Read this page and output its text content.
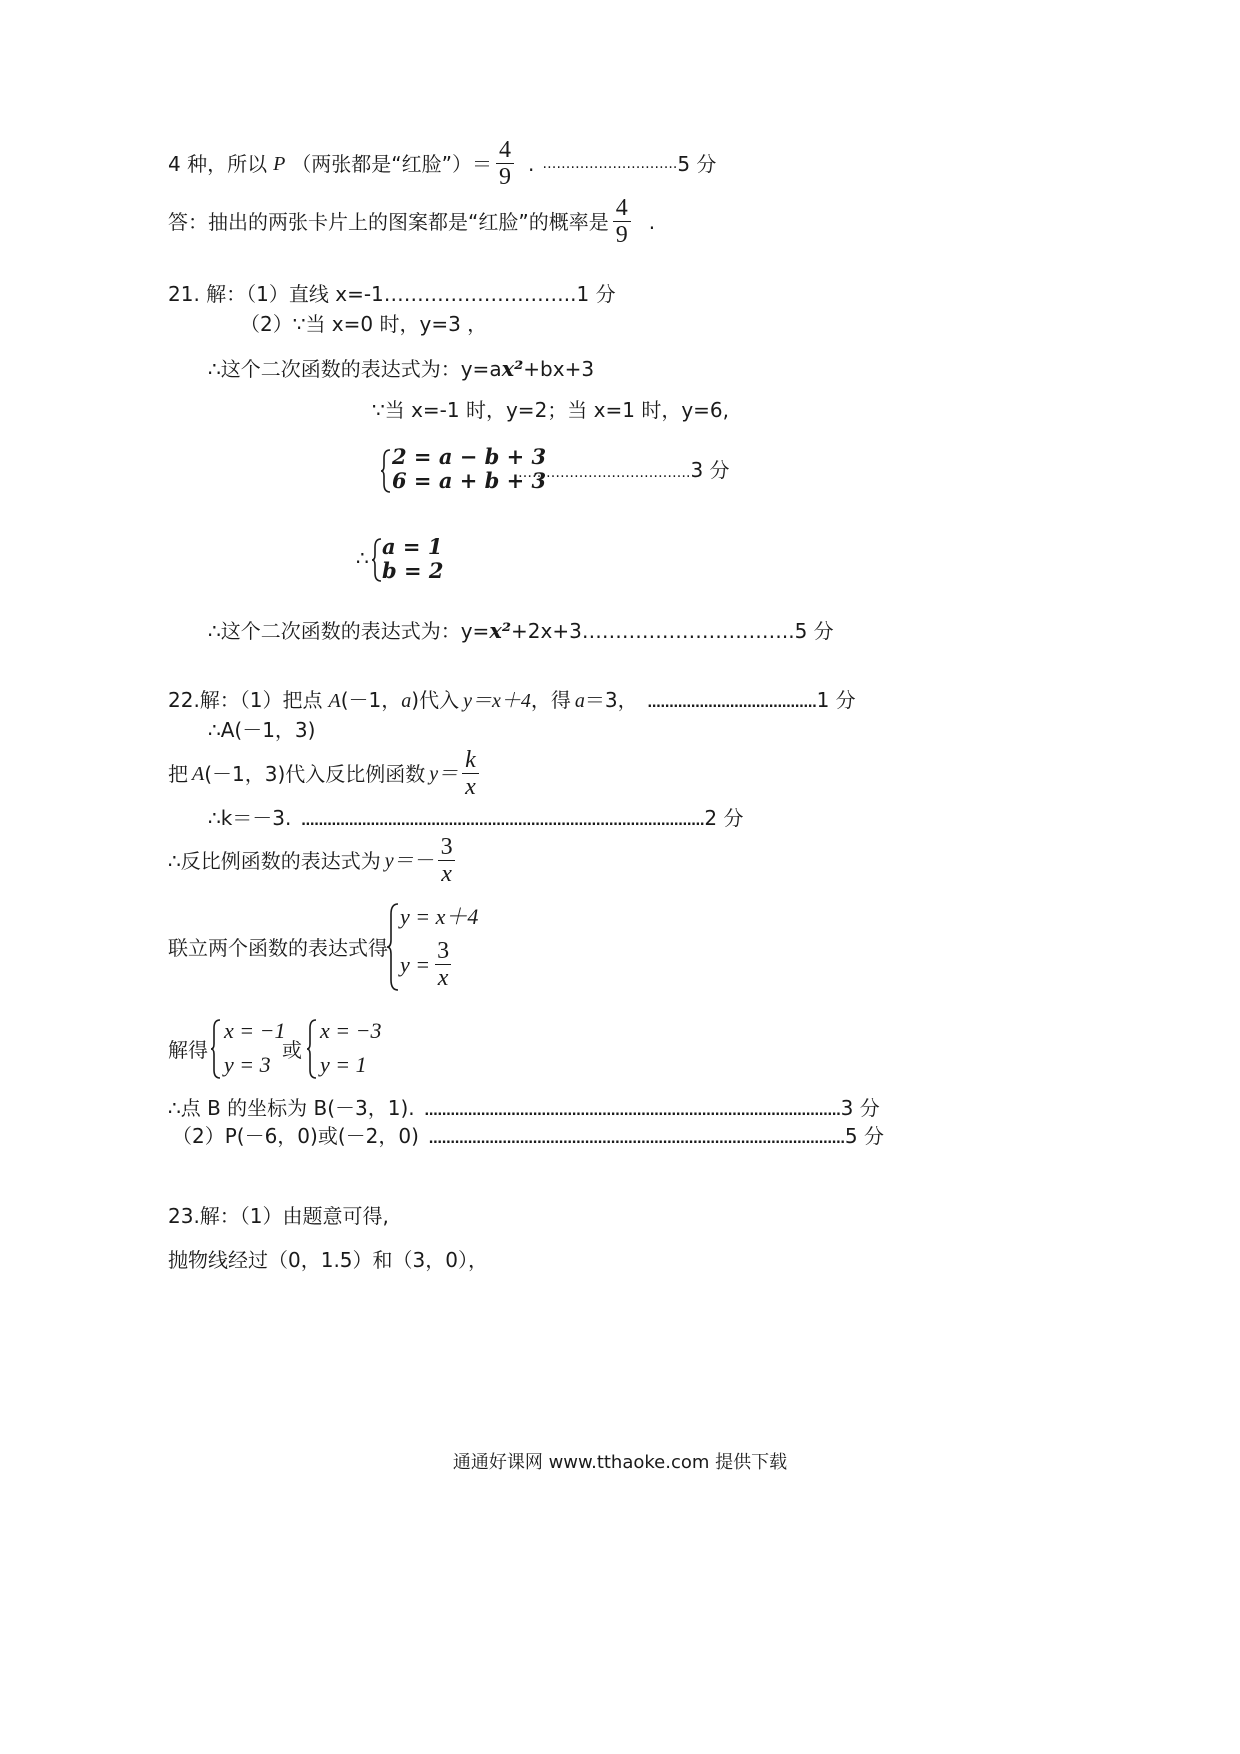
4 种，所以 P （两张都是“红脸”）＝ $\frac{4}{9}$ . ……………………….. 5 分
答：抽出的两张卡片上的图案都是“红脸”的概率是 $\frac{4}{9}$ .
21. 解：（1）直线 x=-1………………………..1 分
（2）∵当 x=0 时，y=3 ，
∴这个二次函数的表达式为：y=ax²+bx+3
∵当 x=-1 时，y=2；当 x=1 时，y=6,
2 = a − b + 3
6 = a + b + 3
……………………………….3 分
∴ a = 1
b = 2
∴这个二次函数的表达式为：y=x²+2x+3…………………………..5 分
22.解：（1）把点 A(－1，a)代入 y＝x＋4，得 a＝3， …………………………………1 分
∴A(－1，3)
把 A (－1，3)代入反比例函数 $y= \frac{k}{x}$
∴k＝－3. …………………………………………………………………………………2 分
∴反比例函数的表达式为 $y=- \frac{3}{x}$
联立两个函数的表达式得
y = x＋4
$y = \frac{3}{x}$
解得
x = −1
y = 3
或
x = −3
y = 1
∴点 B 的坐标为 B(－3，1). ……………………………………………………………………………………3 分
（2）P(－6，0)或(－2，0) ……………………………………………………………………………………5 分
23.解：（1）由题意可得,
抛物线经过（0，1.5）和（3，0），
通通好课网 www.tthaoke.com 提供下载
